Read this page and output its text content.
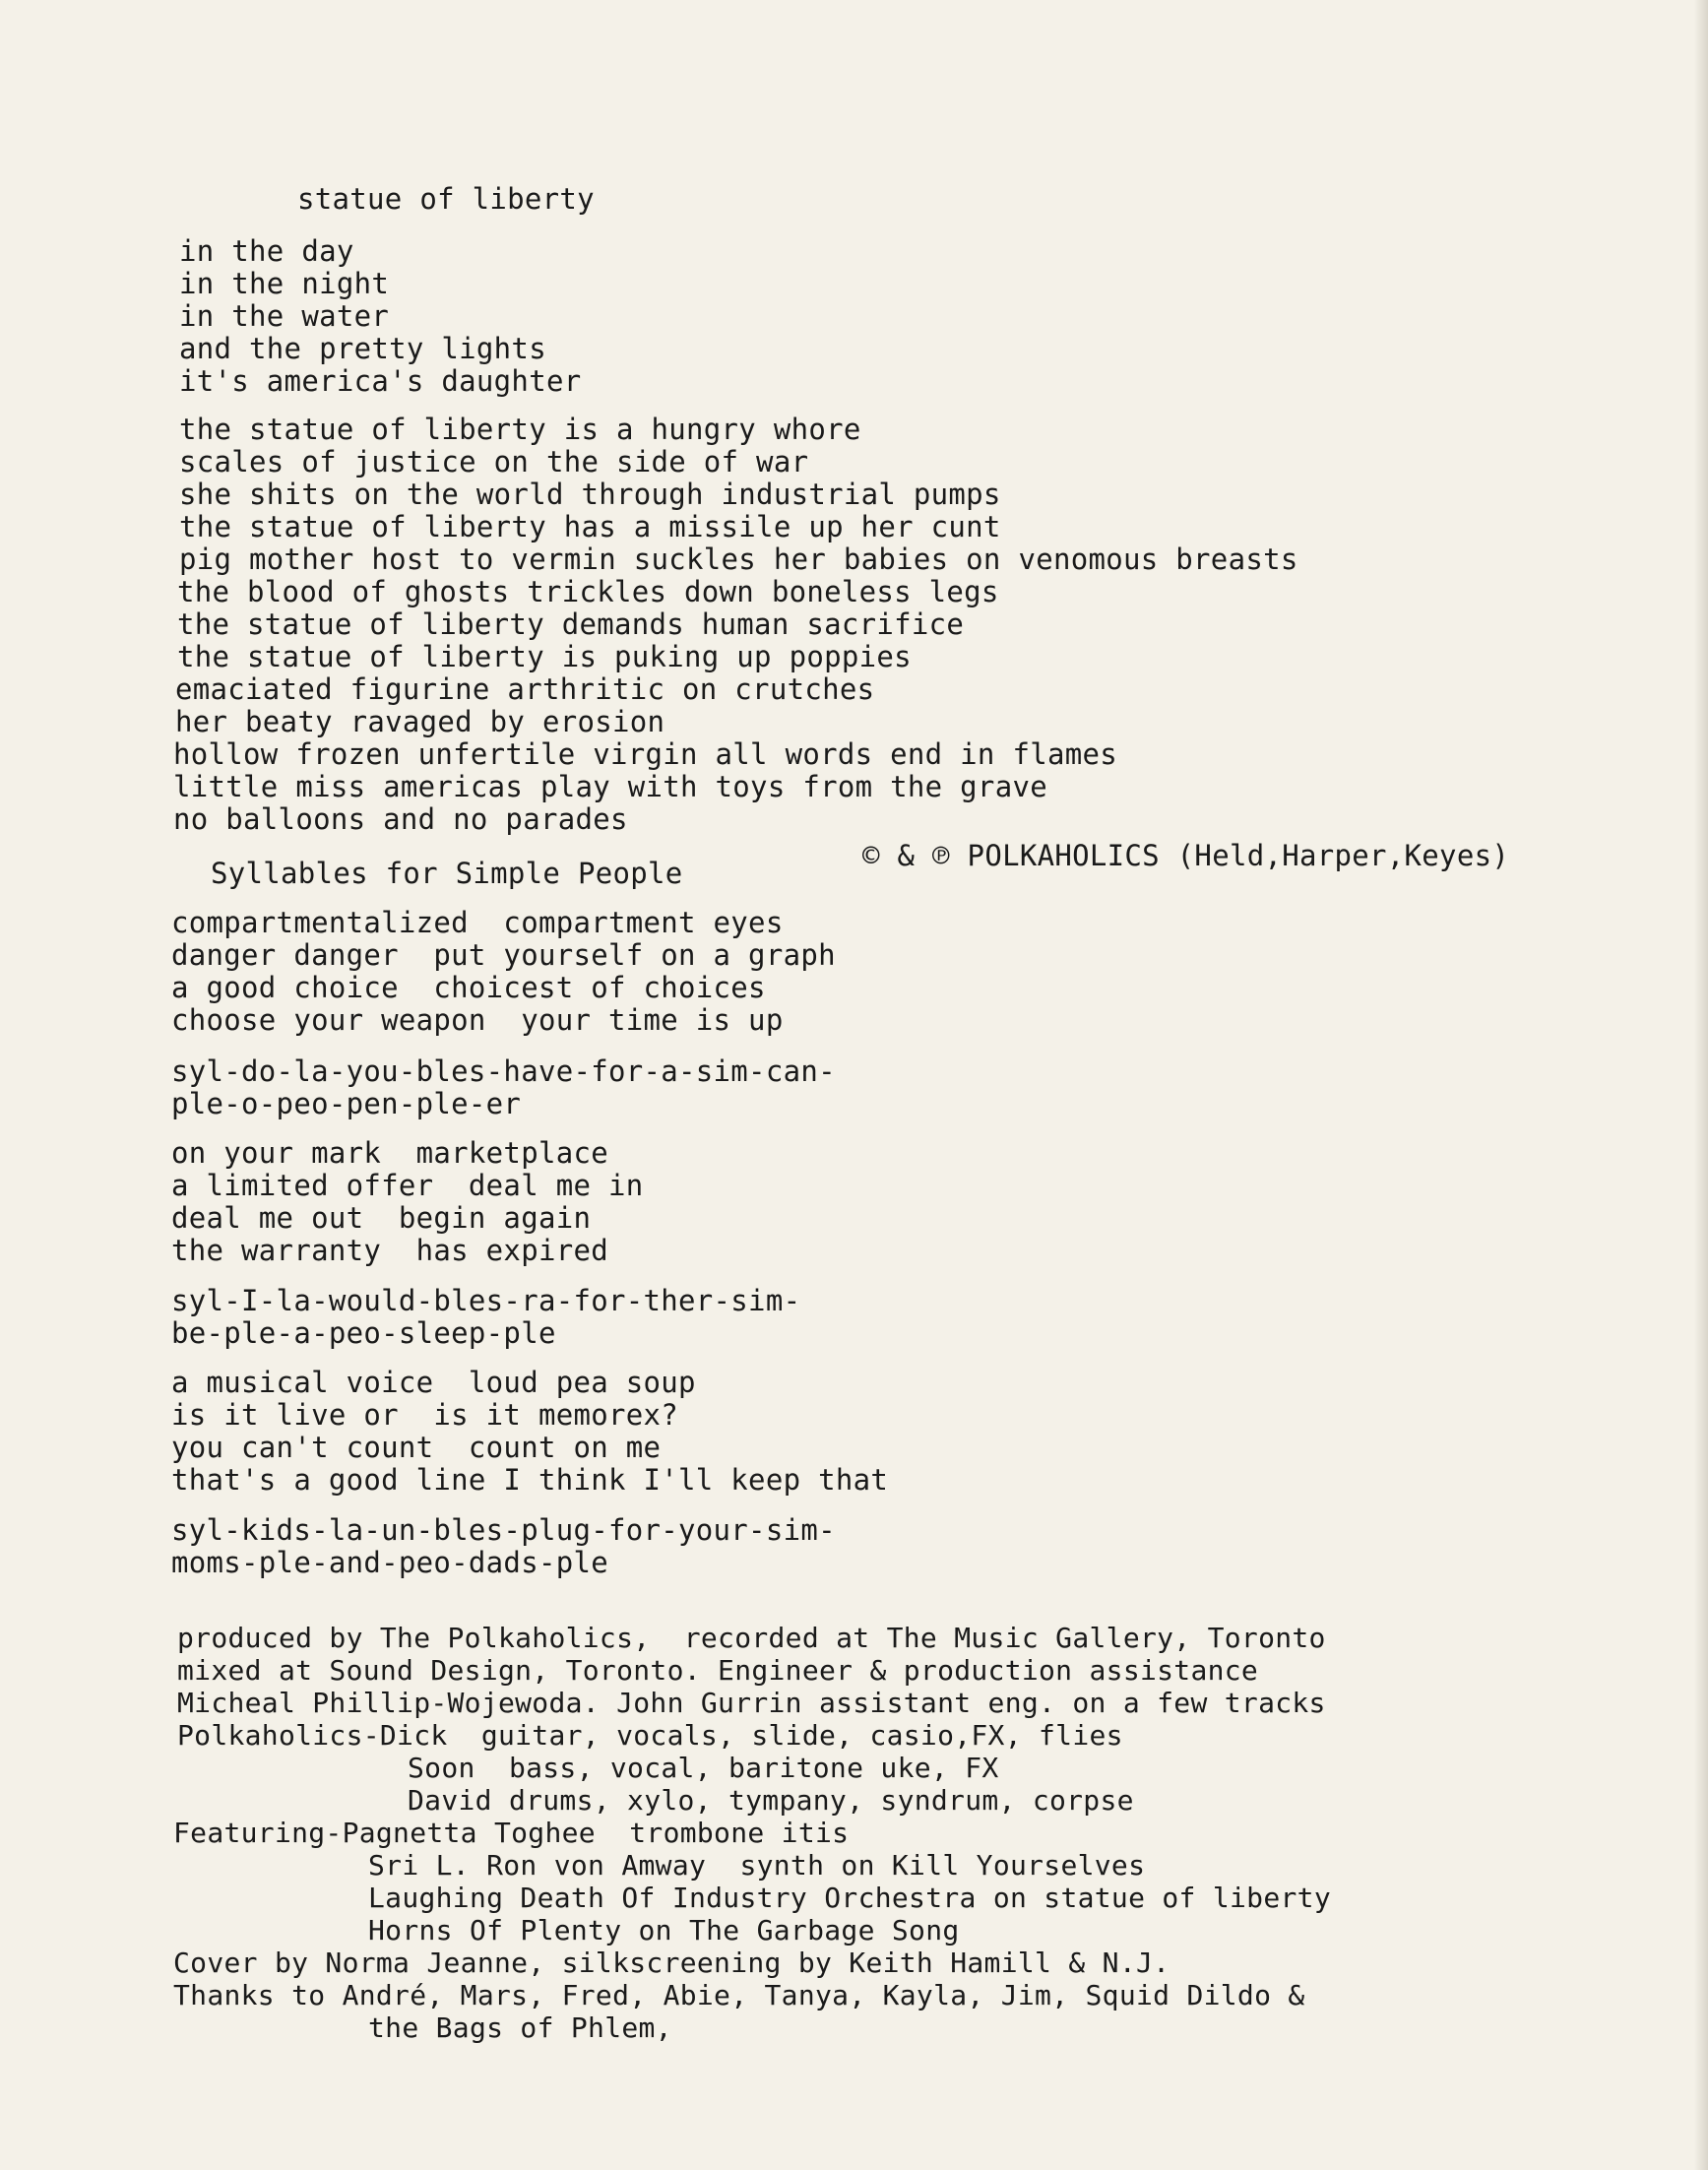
statue of liberty
in the day
in the night
in the water
and the pretty lights
it's america's daughter
the statue of liberty is a hungry whore
scales of justice on the side of war
she shits on the world through industrial pumps
the statue of liberty has a missile up her cunt
pig mother host to vermin suckles her babies on venomous breasts
the blood of ghosts trickles down boneless legs
the statue of liberty demands human sacrifice
the statue of liberty is puking up poppies
emaciated figurine arthritic on crutches
her beaty ravaged by erosion
hollow frozen unfertile virgin all words end in flames
little miss americas play with toys from the grave
no balloons and no parades
© & ℗ POLKAHOLICS (Held,Harper,Keyes)
Syllables for Simple People
compartmentalized  compartment eyes
danger danger  put yourself on a graph
a good choice  choicest of choices
choose your weapon  your time is up
syl-do-la-you-bles-have-for-a-sim-can-
ple-o-peo-pen-ple-er
on your mark  marketplace
a limited offer  deal me in
deal me out  begin again
the warranty  has expired
syl-I-la-would-bles-ra-for-ther-sim-
be-ple-a-peo-sleep-ple
a musical voice  loud pea soup
is it live or  is it memorex?
you can't count  count on me
that's a good line I think I'll keep that
syl-kids-la-un-bles-plug-for-your-sim-
moms-ple-and-peo-dads-ple
produced by The Polkaholics,  recorded at The Music Gallery, Toronto
mixed at Sound Design, Toronto. Engineer & production assistance
Micheal Phillip-Wojewoda. John Gurrin assistant eng. on a few tracks
Polkaholics-Dick  guitar, vocals, slide, casio,FX, flies
Soon  bass, vocal, baritone uke, FX
David drums, xylo, tympany, syndrum, corpse
Featuring-Pagnetta Toghee  trombone itis
Sri L. Ron von Amway  synth on Kill Yourselves
Laughing Death Of Industry Orchestra on statue of liberty
Horns Of Plenty on The Garbage Song
Cover by Norma Jeanne, silkscreening by Keith Hamill & N.J.
Thanks to André, Mars, Fred, Abie, Tanya, Kayla, Jim, Squid Dildo &
the Bags of Phlem,
